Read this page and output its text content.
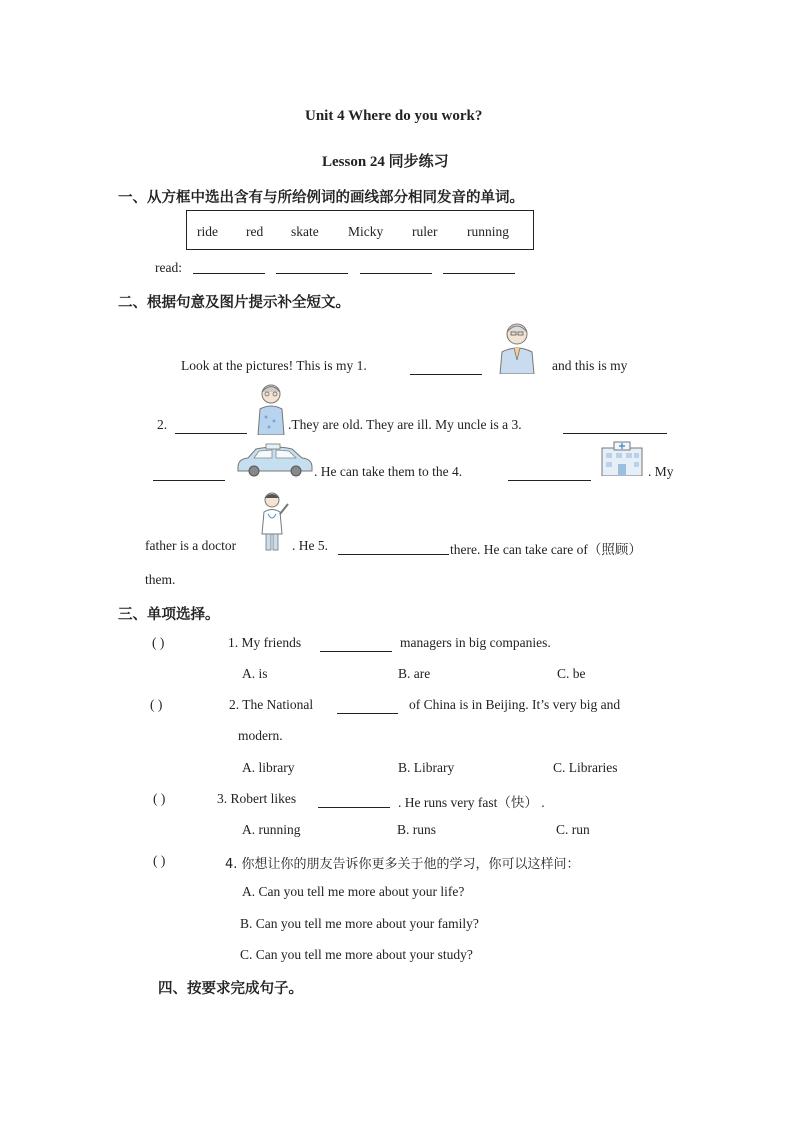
Unit 4 Where do you work?
Lesson 24 同步练习
一、从方框中选出含有与所给例词的画线部分相同发音的单词。
ride red skate Micky ruler running
read:

二、根据句意及图片提示补全短文。
Look at the pictures! This is my 1.	and this is my
2.	.They are old. They are ill. My uncle is a 3.
. He can take them to the 4.	. My
father is a doctor	. He 5.	there. He can take care of（照顾）
them.
三、单项选择。
( )	1. My friends	managers in big companies.
A. is	B. are	C. be
( )	2. The National	of China is in Beijing. It’s very big and
modern.
A. library	B. Library	C. Libraries
( )	3. Robert likes	. He runs very fast（快） .
A. running	B. runs	C. run
( )	4. 你想让你的朋友告诉你更多关于他的学习，你可以这样问：
A. Can you tell me more about your life?
B. Can you tell me more about your family?
C. Can you tell me more about your study?
四、按要求完成句子。
